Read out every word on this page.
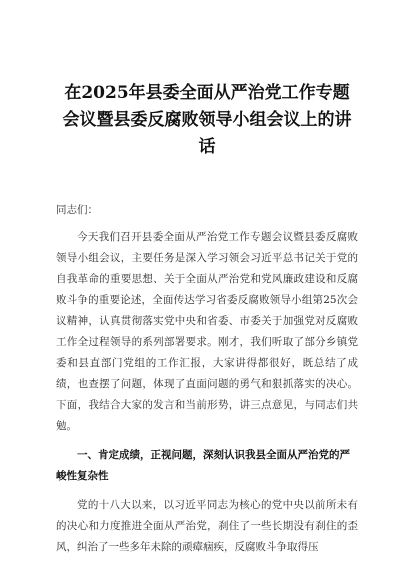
在2025年县委全面从严治党工作专题会议暨县委反腐败领导小组会议上的讲话

同志们：

今天我们召开县委全面从严治党工作专题会议暨县委反腐败领导小组会议，主要任务是深入学习领会习近平总书记关于党的自我革命的重要思想、关于全面从严治党和党风廉政建设和反腐败斗争的重要论述，全面传达学习省委反腐败领导小组第25次会议精神，认真贯彻落实党中央和省委、市委关于加强党对反腐败工作全过程领导的系列部署要求。刚才，我们听取了部分乡镇党委和县直部门党组的工作汇报，大家讲得都很好，既总结了成绩，也查摆了问题，体现了直面问题的勇气和狠抓落实的决心。下面，我结合大家的发言和当前形势，讲三点意见，与同志们共勉。

一、肯定成绩，正视问题，深刻认识我县全面从严治党的严峻性复杂性

党的十八大以来，以习近平同志为核心的党中央以前所未有的决心和力度推进全面从严治党，刹住了一些长期没有刹住的歪风，纠治了一些多年未除的顽瘴痼疾，反腐败斗争取得压
